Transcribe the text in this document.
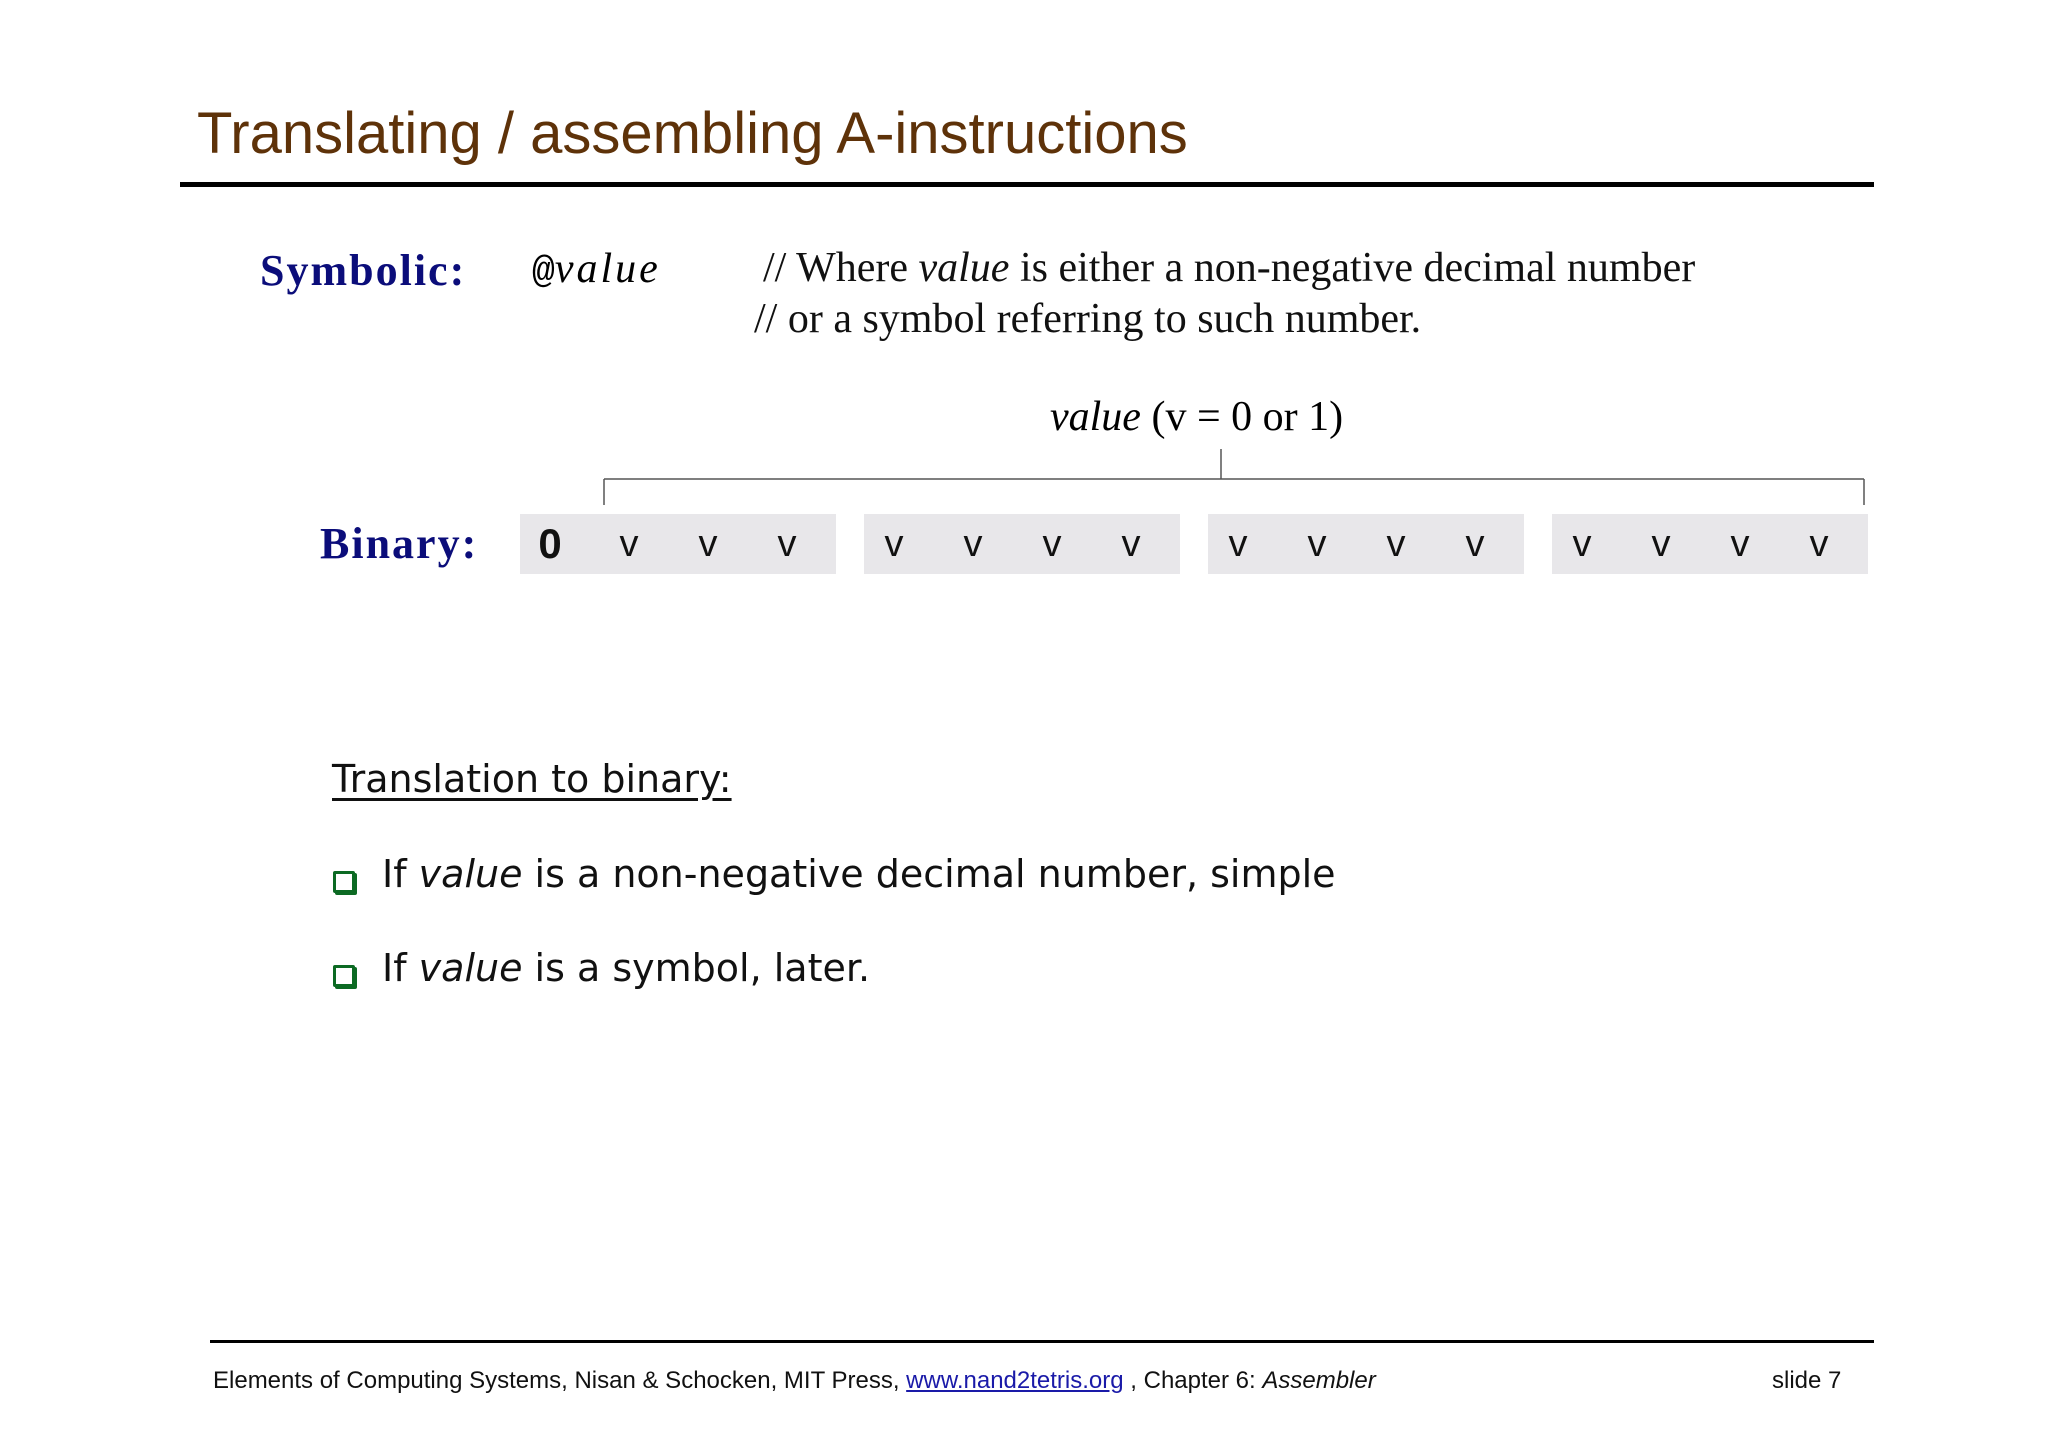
Translating / assembling A-instructions
Symbolic: @value // Where value is either a non-negative decimal number
// or a symbol referring to such number.
value (v = 0 or 1)
Binary:	0	v	v	v	v	v	v	v	v	v	v	v	v	v	v	v
Translation to binary:
If value is a non-negative decimal number, simple
If value is a symbol, later.
Elements of Computing Systems, Nisan & Schocken, MIT Press, www.nand2tetris.org , Chapter 6: Assembler	slide 7
